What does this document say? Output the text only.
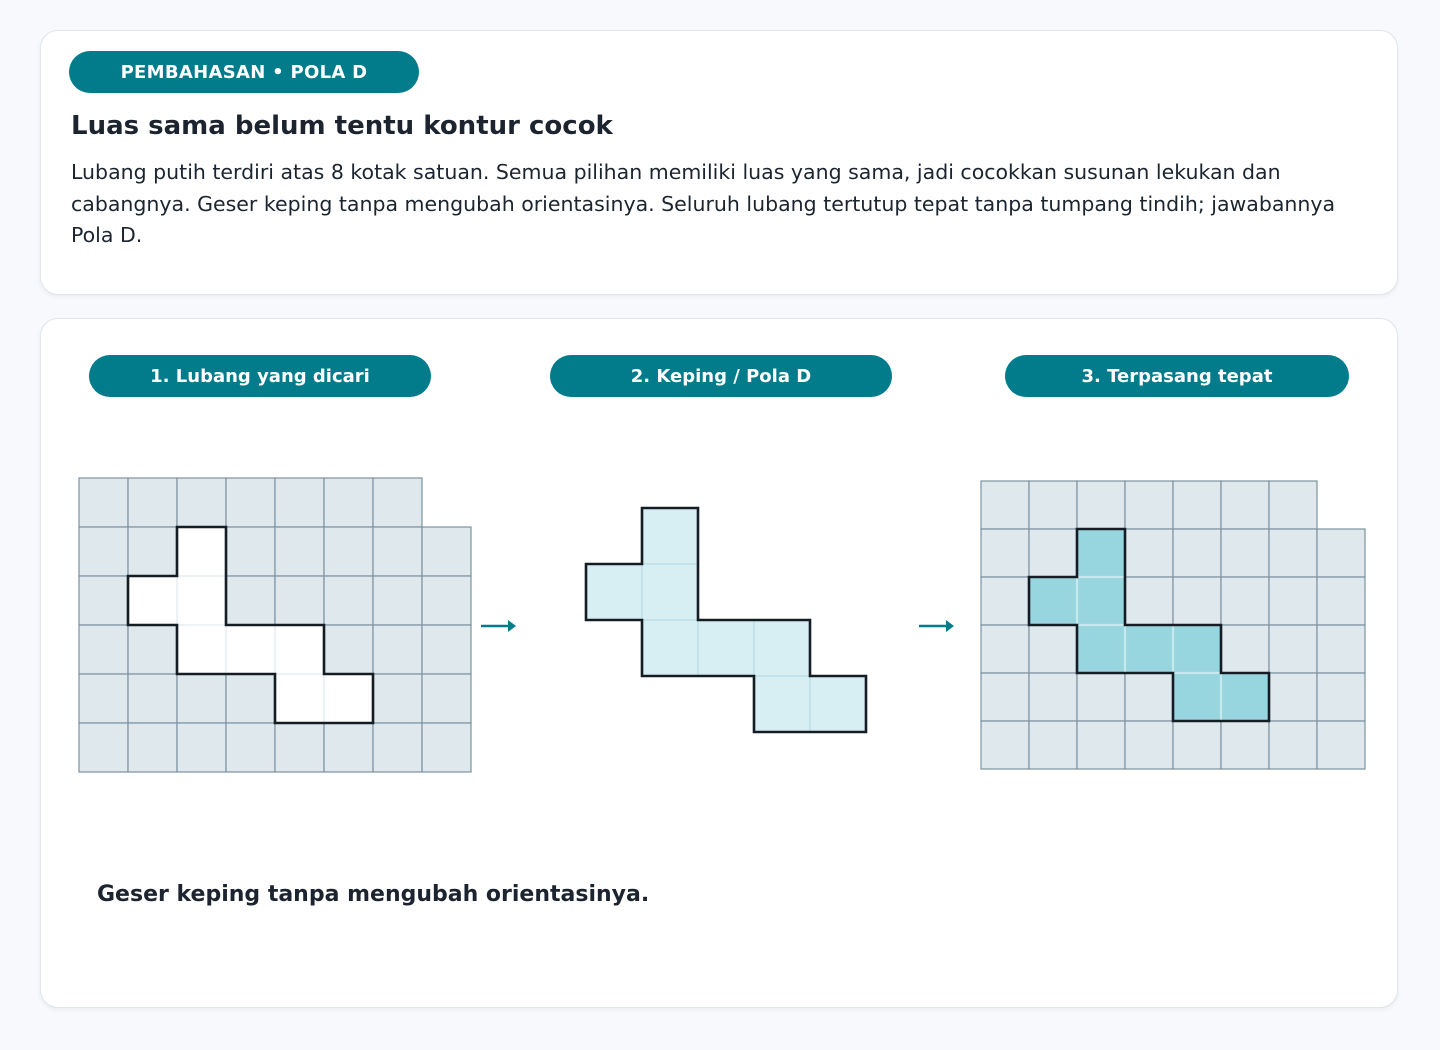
PEMBAHASAN • POLA D
Luas sama belum tentu kontur cocok

Lubang putih terdiri atas 8 kotak satuan. Semua pilihan memiliki luas yang sama, jadi cocokkan susunan lekukan dan cabangnya. Geser keping tanpa mengubah orientasinya. Seluruh lubang tertutup tepat tanpa tumpang tindih; jawabannya Pola D.

1. Lubang yang dicari	2. Keping / Pola D	3. Terpasang tepat

Geser keping tanpa mengubah orientasinya.
